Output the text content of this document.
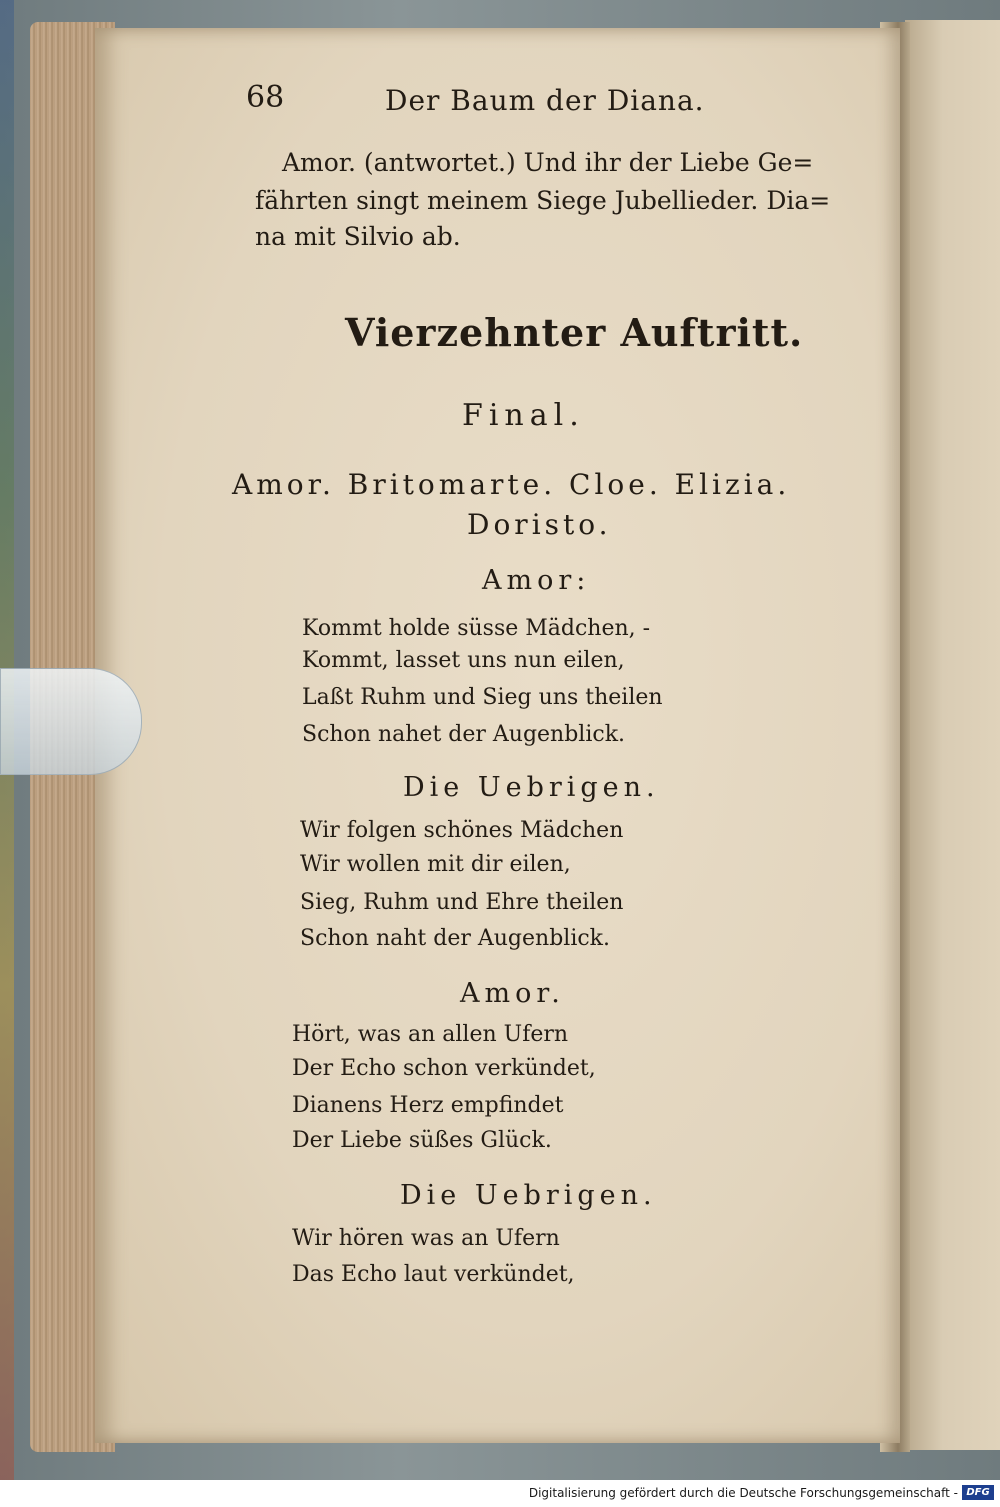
68	Der Baum der Diana.
Amor. (antwortet.) Und ihr der Liebe Ge=
fährten singt meinem Siege Jubellieder. Dia=
na mit Silvio ab.
Vierzehnter Auftritt.
Final.
Amor. Britomarte. Cloe. Elizia.
Doristo.
Amor:
Kommt holde süsse Mädchen, -
Kommt, lasset uns nun eilen,
Laßt Ruhm und Sieg uns theilen
Schon nahet der Augenblick.
Die Uebrigen.
Wir folgen schönes Mädchen
Wir wollen mit dir eilen,
Sieg, Ruhm und Ehre theilen
Schon naht der Augenblick.
Amor.
Hört, was an allen Ufern
Der Echo schon verkündet,
Dianens Herz empfindet
Der Liebe süßes Glück.
Die Uebrigen.
Wir hören was an Ufern
Das Echo laut verkündet,
Digitalisierung gefördert durch die Deutsche Forschungsgemeinschaft - DFG
